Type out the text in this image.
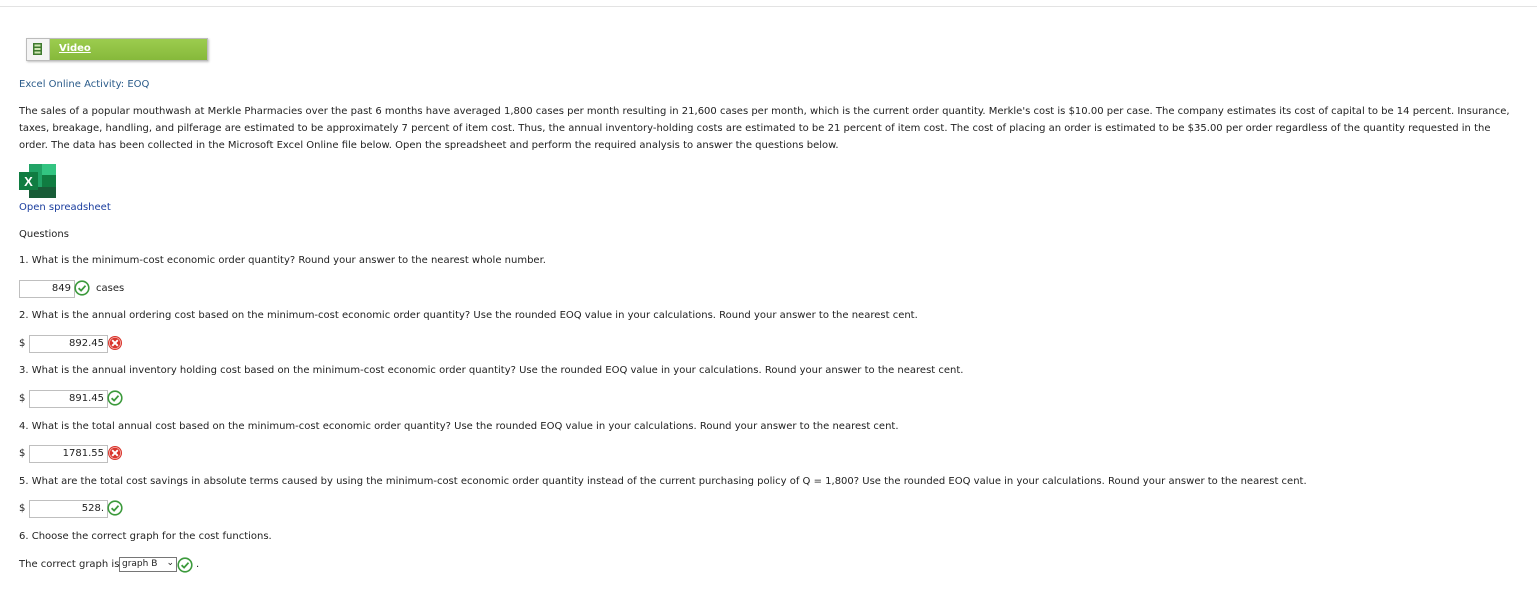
Video
Excel Online Activity: EOQ
The sales of a popular mouthwash at Merkle Pharmacies over the past 6 months have averaged 1,800 cases per month resulting in 21,600 cases per month, which is the current order quantity. Merkle's cost is $10.00 per case. The company estimates its cost of capital to be 14 percent. Insurance, taxes, breakage, handling, and pilferage are estimated to be approximately 7 percent of item cost. Thus, the annual inventory-holding costs are estimated to be 21 percent of item cost. The cost of placing an order is estimated to be $35.00 per order regardless of the quantity requested in the order. The data has been collected in the Microsoft Excel Online file below. Open the spreadsheet and perform the required analysis to answer the questions below.
X
Open spreadsheet
Questions
1. What is the minimum-cost economic order quantity? Round your answer to the nearest whole number.
849
cases
2. What is the annual ordering cost based on the minimum-cost economic order quantity? Use the rounded EOQ value in your calculations. Round your answer to the nearest cent.
$
892.45
3. What is the annual inventory holding cost based on the minimum-cost economic order quantity? Use the rounded EOQ value in your calculations. Round your answer to the nearest cent.
$
891.45
4. What is the total annual cost based on the minimum-cost economic order quantity? Use the rounded EOQ value in your calculations. Round your answer to the nearest cent.
$
1781.55
5. What are the total cost savings in absolute terms caused by using the minimum-cost economic order quantity instead of the current purchasing policy of Q = 1,800? Use the rounded EOQ value in your calculations. Round your answer to the nearest cent.
$
528.
6. Choose the correct graph for the cost functions.
The correct graph is graph B ⌄ .
